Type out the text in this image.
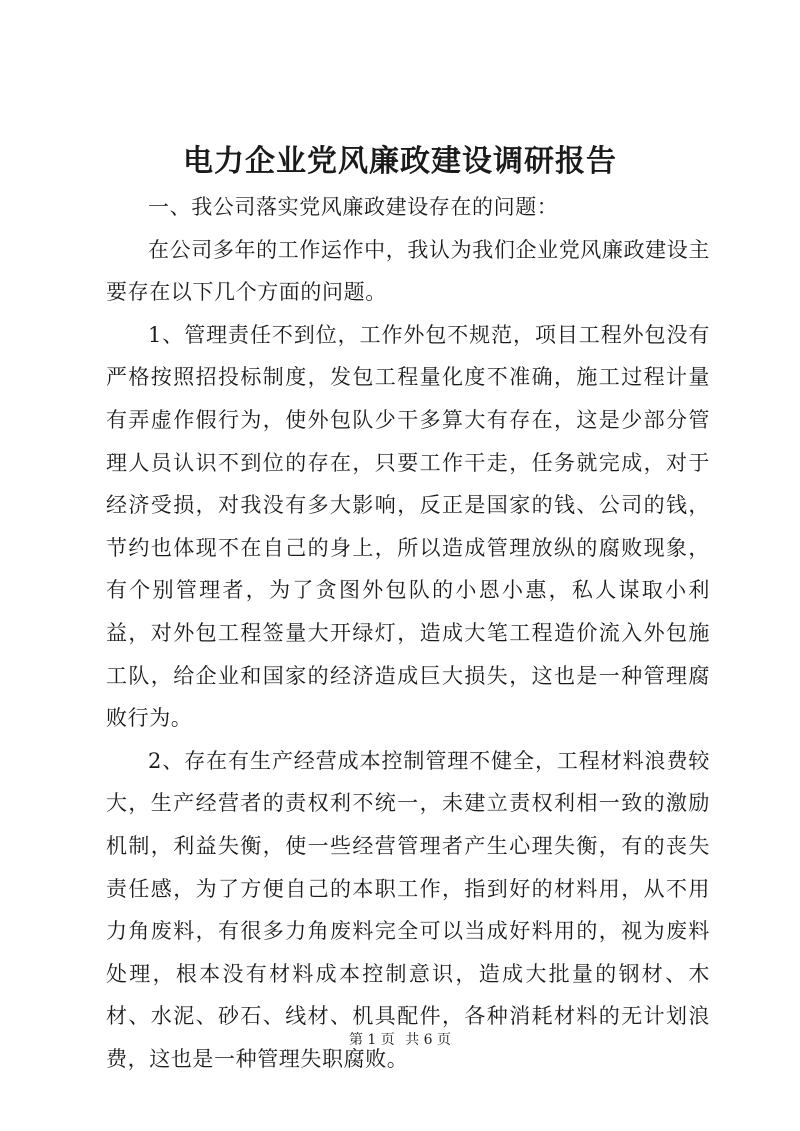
电力企业党风廉政建设调研报告

一、我公司落实党风廉政建设存在的问题：

在公司多年的工作运作中，我认为我们企业党风廉政建设主要存在以下几个方面的问题。

1、管理责任不到位，工作外包不规范，项目工程外包没有严格按照招投标制度，发包工程量化度不准确，施工过程计量有弄虚作假行为，使外包队少干多算大有存在，这是少部分管理人员认识不到位的存在，只要工作干走，任务就完成，对于经济受损，对我没有多大影响，反正是国家的钱、公司的钱，节约也体现不在自己的身上，所以造成管理放纵的腐败现象，有个别管理者，为了贪图外包队的小恩小惠，私人谋取小利益，对外包工程签量大开绿灯，造成大笔工程造价流入外包施工队，给企业和国家的经济造成巨大损失，这也是一种管理腐败行为。

2、存在有生产经营成本控制管理不健全，工程材料浪费较大，生产经营者的责权利不统一，未建立责权利相一致的激励机制，利益失衡，使一些经营管理者产生心理失衡，有的丧失责任感，为了方便自己的本职工作，指到好的材料用，从不用力角废料，有很多力角废料完全可以当成好料用的，视为废料处理，根本没有材料成本控制意识，造成大批量的钢材、木材、水泥、砂石、线材、机具配件，各种消耗材料的无计划浪费，这也是一种管理失职腐败。

第 1 页 共 6 页
